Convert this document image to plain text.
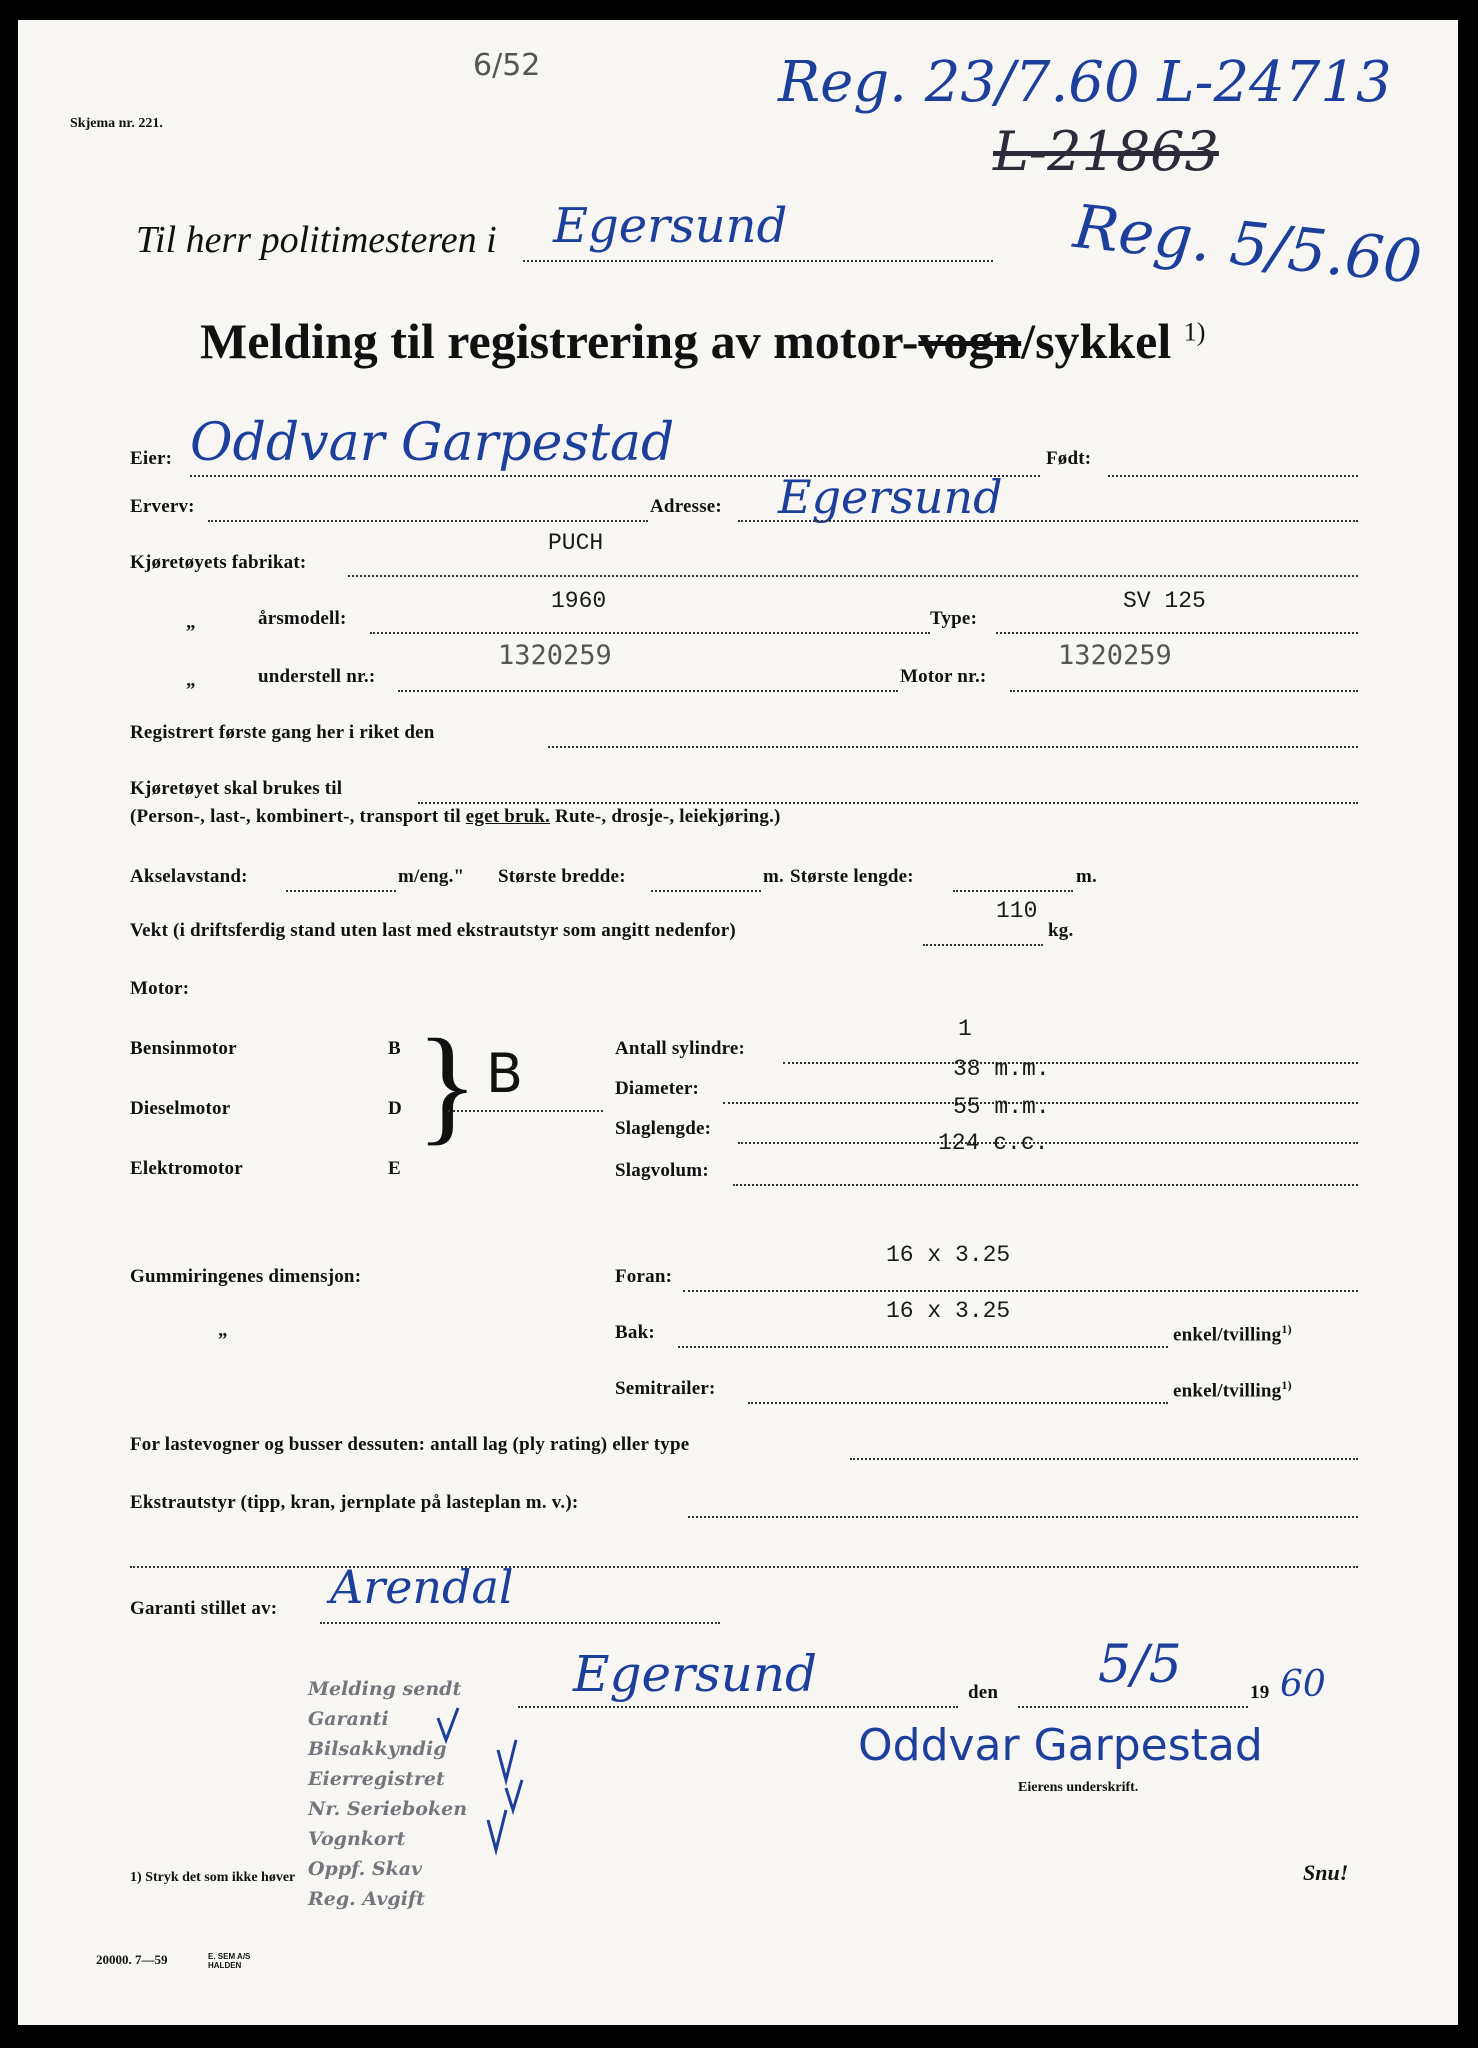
Skjema nr. 221.
6/52	Reg. 23/7.60 L-24713
L-21863
Reg. 5/5.60
Til herr politimesteren i Egersund
Melding til registrering av motor-vogn/sykkel $^{1)}$
Eier: Oddvar Garpestad	Født:
Erverv:	Adresse: Egersund
Kjøretøyets fabrikat:
PUCH
„	årsmodell:
1960
Type:
SV 125
„	understell nr.:
1320259
Motor nr.:
1320259
Registrert første gang her i riket den
Kjøretøyet skal brukes til
(Person-, last-, kombinert-, transport til eget bruk. Rute-, drosje-, leiekjøring.)
Akselavstand:	m/eng." Største bredde:	m. Største lengde:	m.
Vekt (i driftsferdig stand uten last med ekstrautstyr som angitt nedenfor)
110
kg.
Motor:
Bensinmotor	B
Dieselmotor	D
Elektromotor	E
} B	Antall sylindre:
1
Diameter:
38 m.m.
Slaglengde:
55 m.m.
Slagvolum:
124 c.c.
Gummiringenes dimensjon:
„
Foran:
16 x 3.25
Bak:
16 x 3.25
enkel/tvilling$^{1)}$
Semitrailer:	enkel/tvilling$^{1)}$
For lastevogner og busser dessuten: antall lag (ply rating) eller type
Ekstrautstyr (tipp, kran, jernplate på lasteplan m. v.):
Garanti stillet av: Arendal
Egersund	den 5/5	19 60
Oddvar Garpestad
Eierens underskrift.
Melding sendt
Garanti
Bilsakkyndig
Eierregistret
Nr. Serieboken
Vognkort
Oppf. Skav
Reg. Avgift
1) Stryk det som ikke høver	Snu!
20000. 7—59	E. SEM A/S HALDEN
